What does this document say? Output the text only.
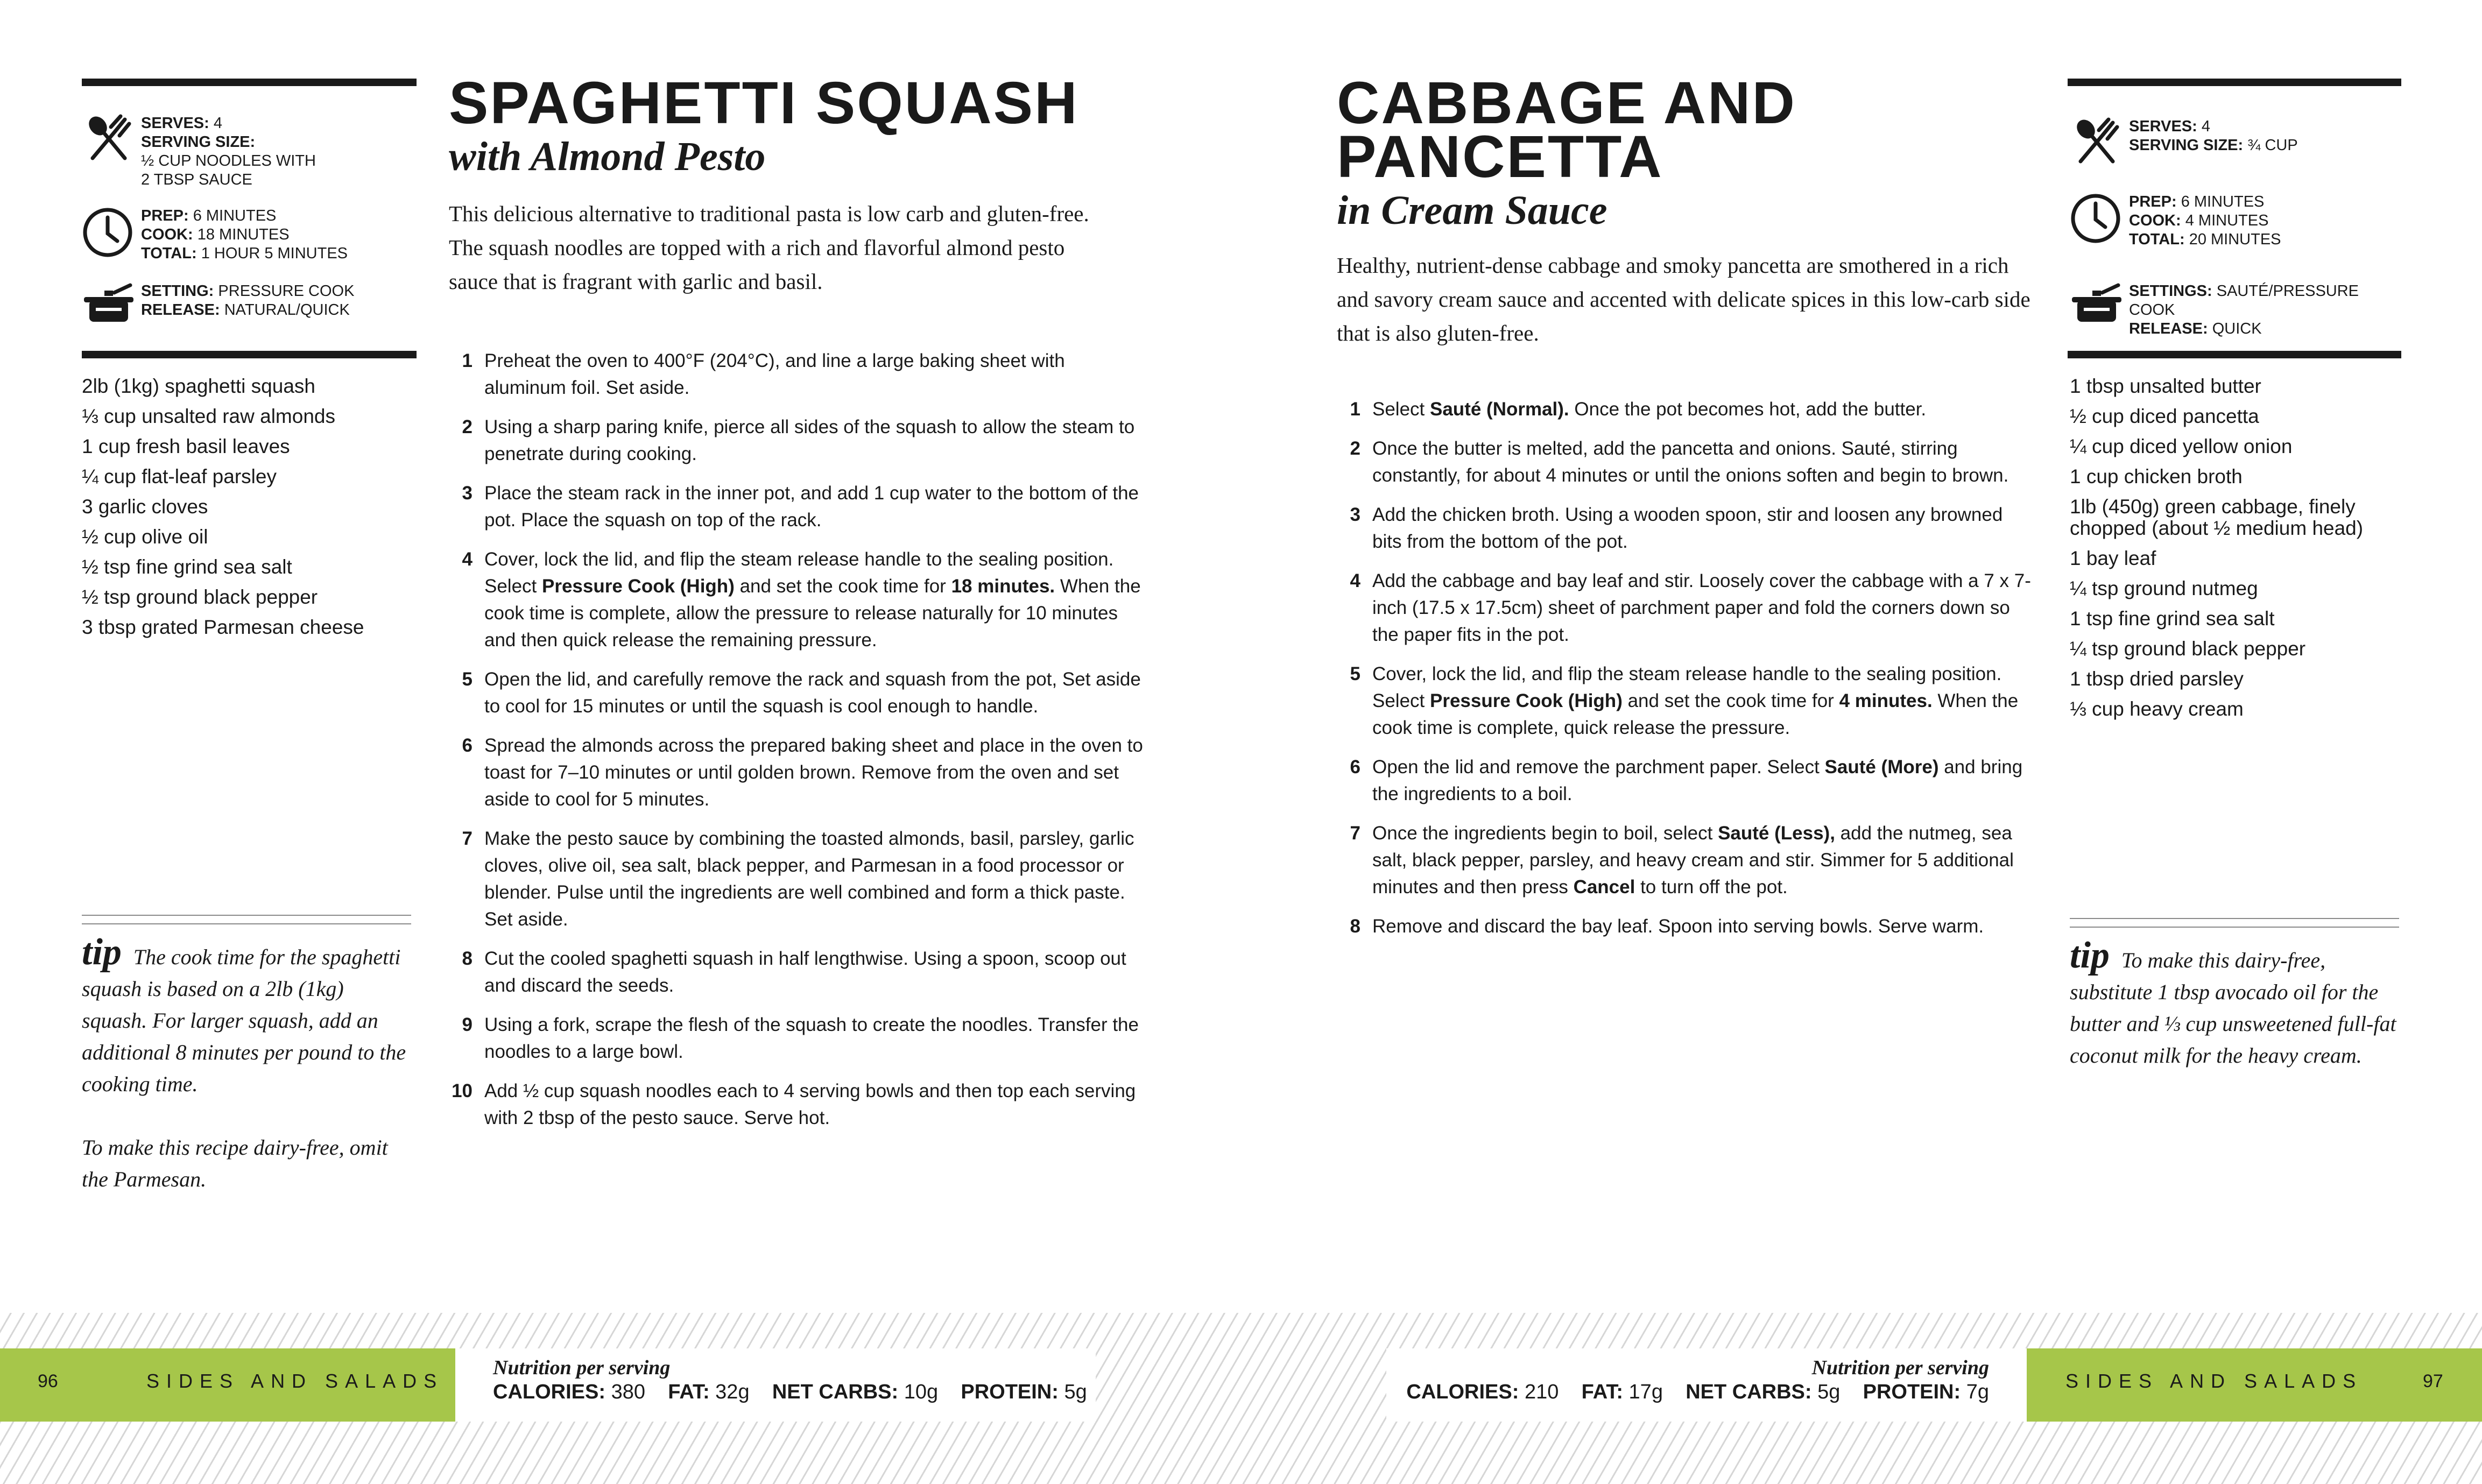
SERVES: 4
SERVING SIZE:
½ CUP NOODLES WITH 2 TBSP SAUCE
PREP: 6 MINUTES
COOK: 18 MINUTES
TOTAL: 1 HOUR 5 MINUTES
SETTING: PRESSURE COOK
RELEASE: NATURAL/QUICK
2lb (1kg) spaghetti squash
⅓ cup unsalted raw almonds
1 cup fresh basil leaves
¼ cup flat-leaf parsley
3 garlic cloves
½ cup olive oil
½ tsp fine grind sea salt
½ tsp ground black pepper
3 tbsp grated Parmesan cheese
tip The cook time for the spaghetti squash is based on a 2lb (1kg) squash. For larger squash, add an additional 8 minutes per pound to the cooking time.
To make this recipe dairy-free, omit the Parmesan.
SPAGHETTI SQUASH
with Almond Pesto
This delicious alternative to traditional pasta is low carb and gluten-free. The squash noodles are topped with a rich and flavorful almond pesto sauce that is fragrant with garlic and basil.
1 Preheat the oven to 400°F (204°C), and line a large baking sheet with aluminum foil. Set aside.
2 Using a sharp paring knife, pierce all sides of the squash to allow the steam to penetrate during cooking.
3 Place the steam rack in the inner pot, and add 1 cup water to the bottom of the pot. Place the squash on top of the rack.
4 Cover, lock the lid, and flip the steam release handle to the sealing position. Select Pressure Cook (High) and set the cook time for 18 minutes. When the cook time is complete, allow the pressure to release naturally for 10 minutes and then quick release the remaining pressure.
5 Open the lid, and carefully remove the rack and squash from the pot, Set aside to cool for 15 minutes or until the squash is cool enough to handle.
6 Spread the almonds across the prepared baking sheet and place in the oven to toast for 7–10 minutes or until golden brown. Remove from the oven and set aside to cool for 5 minutes.
7 Make the pesto sauce by combining the toasted almonds, basil, parsley, garlic cloves, olive oil, sea salt, black pepper, and Parmesan in a food processor or blender. Pulse until the ingredients are well combined and form a thick paste. Set aside.
8 Cut the cooled spaghetti squash in half lengthwise. Using a spoon, scoop out and discard the seeds.
9 Using a fork, scrape the flesh of the squash to create the noodles. Transfer the noodles to a large bowl.
10 Add ½ cup squash noodles each to 4 serving bowls and then top each serving with 2 tbsp of the pesto sauce. Serve hot.
CABBAGE AND
PANCETTA
in Cream Sauce
Healthy, nutrient-dense cabbage and smoky pancetta are smothered in a rich and savory cream sauce and accented with delicate spices in this low-carb side that is also gluten-free.
1 Select Sauté (Normal). Once the pot becomes hot, add the butter.
2 Once the butter is melted, add the pancetta and onions. Sauté, stirring constantly, for about 4 minutes or until the onions soften and begin to brown.
3 Add the chicken broth. Using a wooden spoon, stir and loosen any browned bits from the bottom of the pot.
4 Add the cabbage and bay leaf and stir. Loosely cover the cabbage with a 7 x 7-inch (17.5 x 17.5cm) sheet of parchment paper and fold the corners down so the paper fits in the pot.
5 Cover, lock the lid, and flip the steam release handle to the sealing position. Select Pressure Cook (High) and set the cook time for 4 minutes. When the cook time is complete, quick release the pressure.
6 Open the lid and remove the parchment paper. Select Sauté (More) and bring the ingredients to a boil.
7 Once the ingredients begin to boil, select Sauté (Less), add the nutmeg, sea salt, black pepper, parsley, and heavy cream and stir. Simmer for 5 additional minutes and then press Cancel to turn off the pot.
8 Remove and discard the bay leaf. Spoon into serving bowls. Serve warm.
SERVES: 4
SERVING SIZE: ¾ CUP
PREP: 6 MINUTES
COOK: 4 MINUTES
TOTAL: 20 MINUTES
SETTINGS: SAUTÉ/PRESSURE COOK
RELEASE: QUICK
1 tbsp unsalted butter
½ cup diced pancetta
¼ cup diced yellow onion
1 cup chicken broth
1lb (450g) green cabbage, finely chopped (about ½ medium head)
1 bay leaf
¼ tsp ground nutmeg
1 tsp fine grind sea salt
¼ tsp ground black pepper
1 tbsp dried parsley
⅓ cup heavy cream
tip To make this dairy-free, substitute 1 tbsp avocado oil for the butter and ⅓ cup unsweetened full-fat coconut milk for the heavy cream.
96	SIDES AND SALADS
Nutrition per serving
CALORIES: 380 FAT: 32g NET CARBS: 10g PROTEIN: 5g
Nutrition per serving
CALORIES: 210 FAT: 17g NET CARBS: 5g PROTEIN: 7g	SIDES AND SALADS	97
